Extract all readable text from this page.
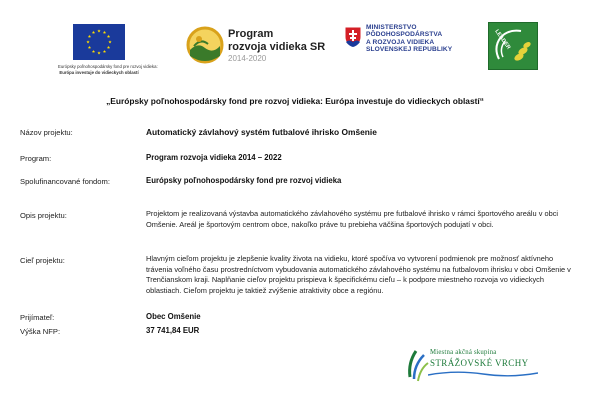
Európsky poľnohospodársky fond pre rozvoj vidieka:
Európa investuje do vidieckych oblastí
Program
rozvoja vidieka SR
2014-2020
MINISTERSTVO
PÔDOHOSPODÁRSTVA
A ROZVOJA VIDIEKA
SLOVENSKEJ REPUBLIKY	LEADER
„Európsky poľnohospodársky fond pre rozvoj vidieka: Európa investuje do vidieckych oblastí“
Názov projektu:	Automatický závlahový systém futbalové ihrisko Omšenie
Program:	Program rozvoja vidieka 2014 – 2022
Spolufinancované fondom:	Európsky poľnohospodársky fond pre rozvoj vidieka
Opis projektu:	Projektom je realizovaná výstavba automatického závlahového systému pre futbalové ihrisko v rámci športového areálu v obci Omšenie. Areál je športovým centrom obce, nakoľko práve tu prebieha väčšina športových podujatí v obci.
Cieľ projektu:	Hlavným cieľom projektu je zlepšenie kvality života na vidieku, ktoré spočíva vo vytvorení podmienok pre možnosť aktívneho trávenia voľného času prostredníctvom vybudovania automatického závlahového systému na futbalovom ihrisku v obci Omšenie v Trenčianskom kraji. Naplňanie cieľov projektu prispieva k špecifickému cieľu – k podpore miestneho rozvoja vo vidieckych oblastiach. Cieľom projektu je taktiež zvýšenie atraktivity obce a regiónu.
Prijímateľ:	Obec Omšenie
Výška NFP:	37 741,84 EUR
Miestna akčná skupina
STRÁŽOVSKÉ VRCHY
